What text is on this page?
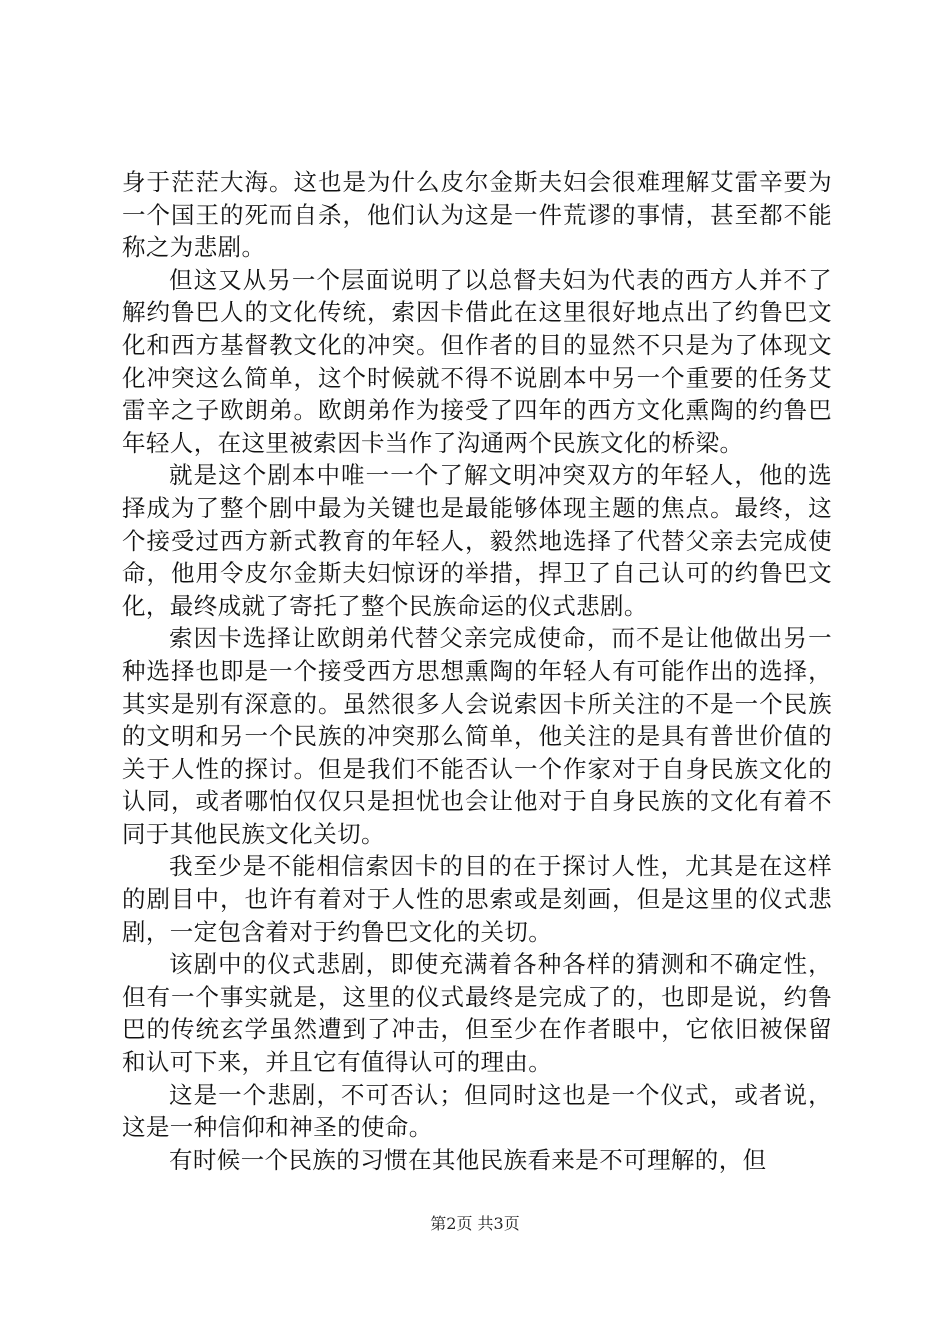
身于茫茫大海。这也是为什么皮尔金斯夫妇会很难理解艾雷辛要为一个国王的死而自杀，他们认为这是一件荒谬的事情，甚至都不能称之为悲剧。

但这又从另一个层面说明了以总督夫妇为代表的西方人并不了解约鲁巴人的文化传统，索因卡借此在这里很好地点出了约鲁巴文化和西方基督教文化的冲突。但作者的目的显然不只是为了体现文化冲突这么简单，这个时候就不得不说剧本中另一个重要的任务艾雷辛之子欧朗弟。欧朗弟作为接受了四年的西方文化熏陶的约鲁巴年轻人，在这里被索因卡当作了沟通两个民族文化的桥梁。

就是这个剧本中唯一一个了解文明冲突双方的年轻人，他的选择成为了整个剧中最为关键也是最能够体现主题的焦点。最终，这个接受过西方新式教育的年轻人，毅然地选择了代替父亲去完成使命，他用令皮尔金斯夫妇惊讶的举措，捍卫了自己认可的约鲁巴文化，最终成就了寄托了整个民族命运的仪式悲剧。

索因卡选择让欧朗弟代替父亲完成使命，而不是让他做出另一种选择也即是一个接受西方思想熏陶的年轻人有可能作出的选择，其实是别有深意的。虽然很多人会说索因卡所关注的不是一个民族的文明和另一个民族的冲突那么简单，他关注的是具有普世价值的关于人性的探讨。但是我们不能否认一个作家对于自身民族文化的认同，或者哪怕仅仅只是担忧也会让他对于自身民族的文化有着不同于其他民族文化关切。

我至少是不能相信索因卡的目的在于探讨人性，尤其是在这样的剧目中，也许有着对于人性的思索或是刻画，但是这里的仪式悲剧，一定包含着对于约鲁巴文化的关切。

该剧中的仪式悲剧，即使充满着各种各样的猜测和不确定性，但有一个事实就是，这里的仪式最终是完成了的，也即是说，约鲁巴的传统玄学虽然遭到了冲击，但至少在作者眼中，它依旧被保留和认可下来，并且它有值得认可的理由。

这是一个悲剧，不可否认；但同时这也是一个仪式，或者说，这是一种信仰和神圣的使命。

有时候一个民族的习惯在其他民族看来是不可理解的，但

第2页 共3页
